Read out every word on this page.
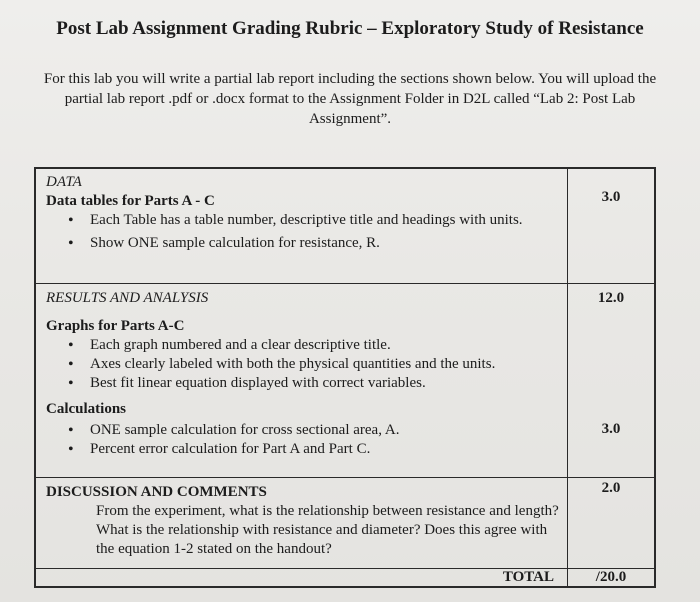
Post Lab Assignment Grading Rubric – Exploratory Study of Resistance
For this lab you will write a partial lab report including the sections shown below. You will upload the partial lab report .pdf or .docx format to the Assignment Folder in D2L called “Lab 2: Post Lab Assignment”.
DATA
Data tables for Parts A - C
• Each Table has a table number, descriptive title and headings with units.
• Show ONE sample calculation for resistance, R.
3.0
RESULTS AND ANALYSIS
Graphs for Parts A-C
• Each graph numbered and a clear descriptive title.
• Axes clearly labeled with both the physical quantities and the units.
• Best fit linear equation displayed with correct variables.
Calculations
• ONE sample calculation for cross sectional area, A.
• Percent error calculation for Part A and Part C.
12.0
3.0
DISCUSSION AND COMMENTS
From the experiment, what is the relationship between resistance and length? What is the relationship with resistance and diameter? Does this agree with the equation 1-2 stated on the handout?
2.0
TOTAL	/20.0
